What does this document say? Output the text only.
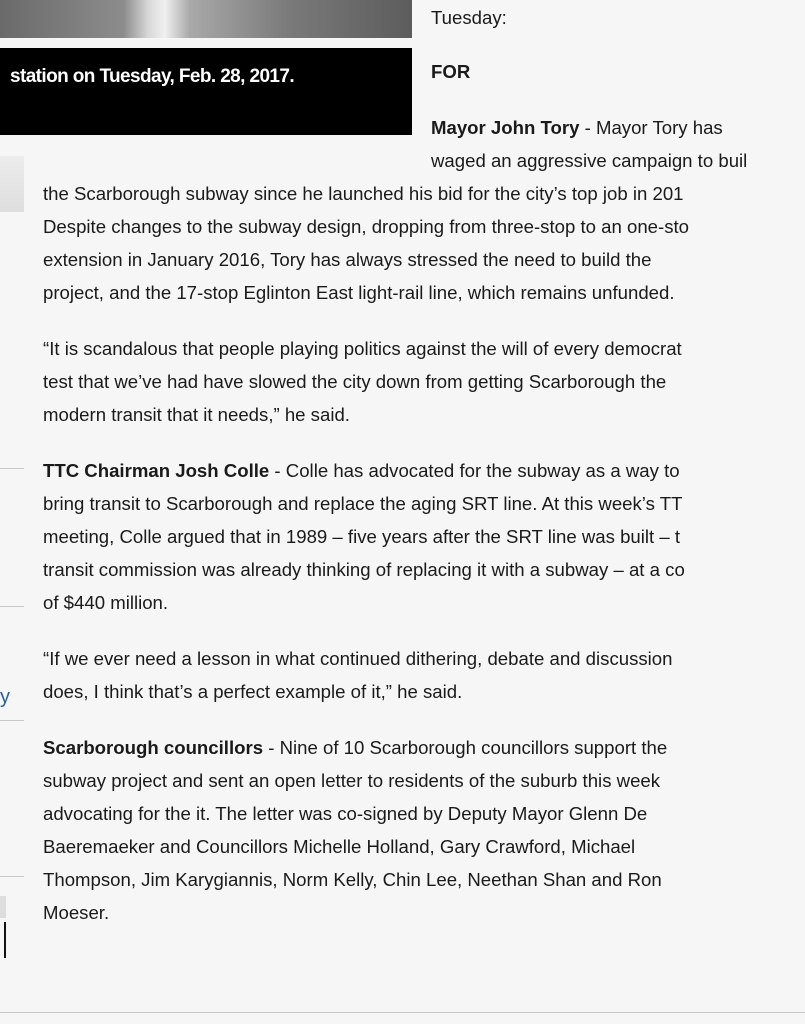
station on Tuesday, Feb. 28, 2017.
y
Tuesday:
FOR
Mayor John Tory - Mayor Tory has
waged an aggressive campaign to buil
the Scarborough subway since he launched his bid for the city’s top job in 201
Despite changes to the subway design, dropping from three-stop to an one-sto
extension in January 2016, Tory has always stressed the need to build the
project, and the 17-stop Eglinton East light-rail line, which remains unfunded.
“It is scandalous that people playing politics against the will of every democrat
test that we’ve had have slowed the city down from getting Scarborough the
modern transit that it needs,” he said.
TTC Chairman Josh Colle - Colle has advocated for the subway as a way to
bring transit to Scarborough and replace the aging SRT line. At this week’s TT
meeting, Colle argued that in 1989 – five years after the SRT line was built – t
transit commission was already thinking of replacing it with a subway – at a co
of $440 million.
“If we ever need a lesson in what continued dithering, debate and discussion
does, I think that’s a perfect example of it,” he said.
Scarborough councillors - Nine of 10 Scarborough councillors support the
subway project and sent an open letter to residents of the suburb this week
advocating for the it. The letter was co-signed by Deputy Mayor Glenn De
Baeremaeker and Councillors Michelle Holland, Gary Crawford, Michael
Thompson, Jim Karygiannis, Norm Kelly, Chin Lee, Neethan Shan and Ron
Moeser.
